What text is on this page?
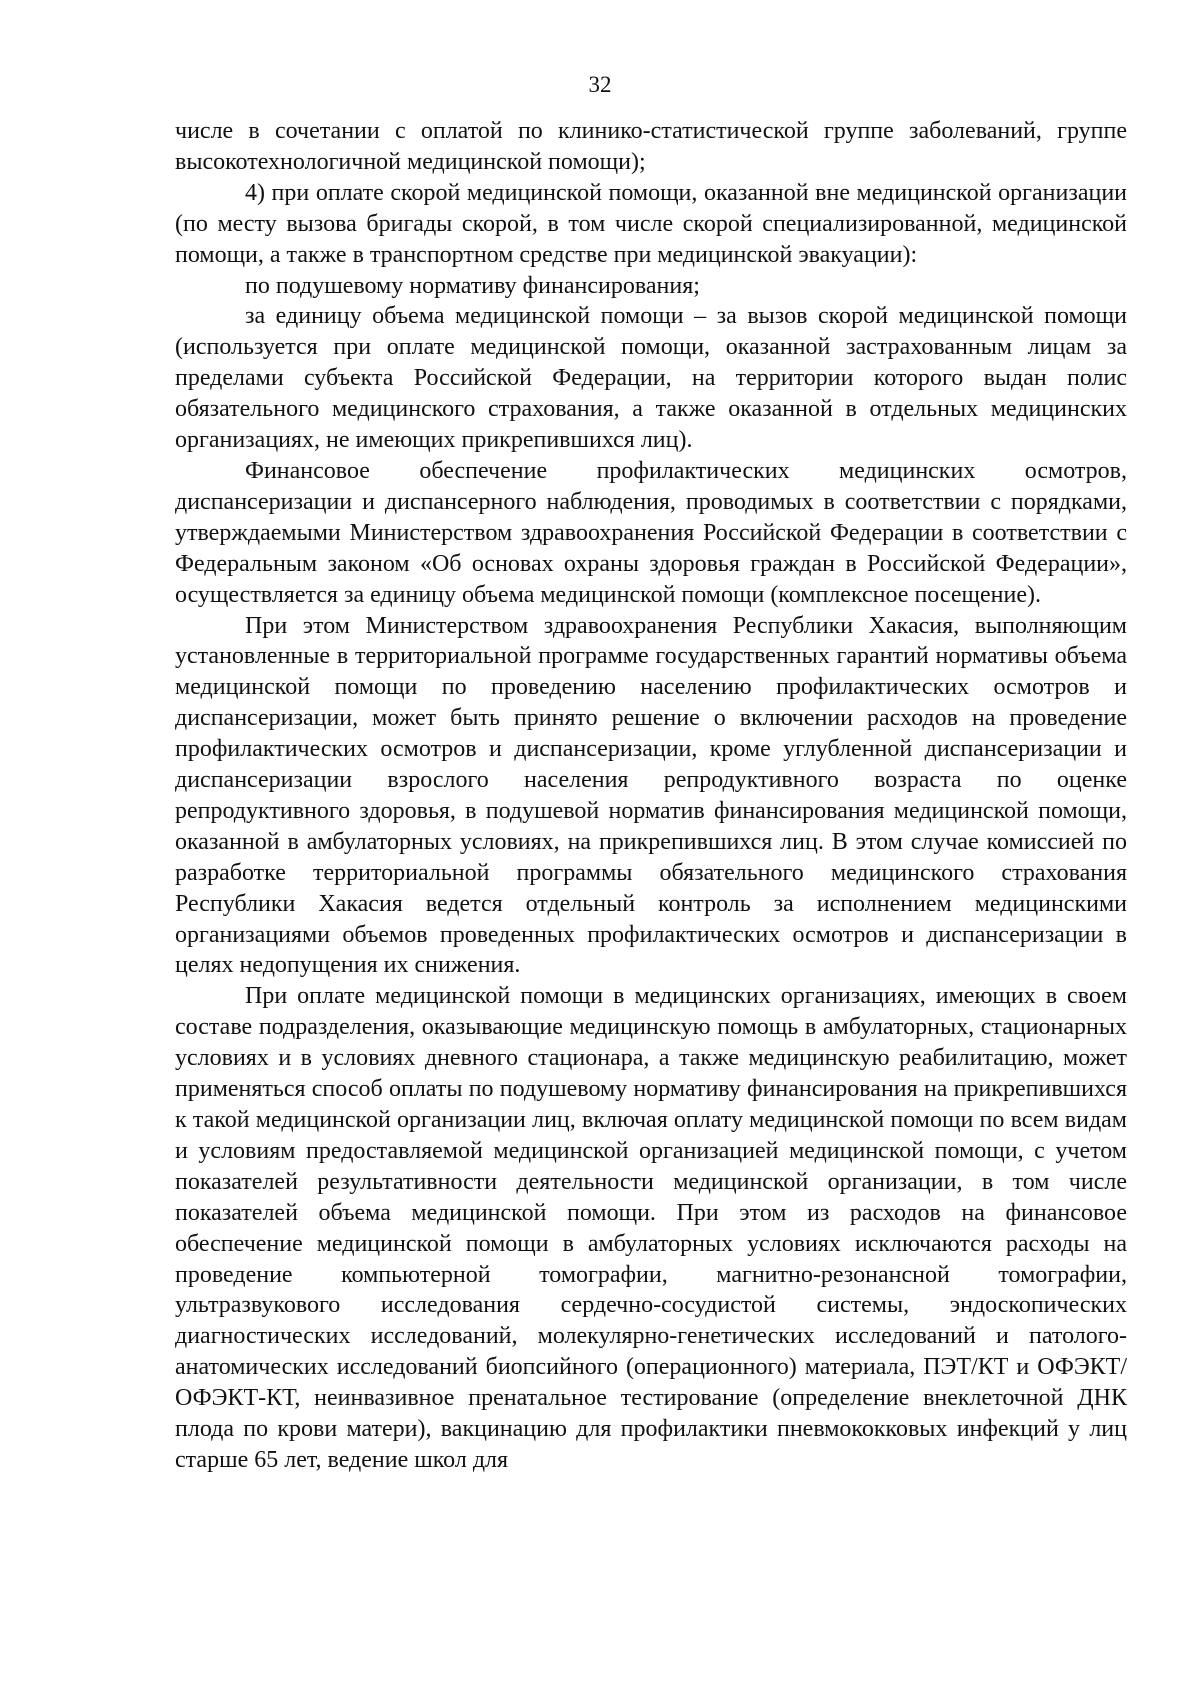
32

числе в сочетании с оплатой по клинико-статистической группе заболеваний, группе высокотехнологичной медицинской помощи);

4) при оплате скорой медицинской помощи, оказанной вне медицинской организации (по месту вызова бригады скорой, в том числе скорой специализированной, медицинской помощи, а также в транспортном средстве при медицинской эвакуации):

по подушевому нормативу финансирования;

за единицу объема медицинской помощи – за вызов скорой медицинской помощи (используется при оплате медицинской помощи, оказанной застрахованным лицам за пределами субъекта Российской Федерации, на территории которого выдан полис обязательного медицинского страхования, а также оказанной в отдельных медицинских организациях, не имеющих прикрепившихся лиц).

Финансовое обеспечение профилактических медицинских осмотров, диспансеризации и диспансерного наблюдения, проводимых в соответствии с порядками, утверждаемыми Министерством здравоохранения Российской Федерации в соответствии с Федеральным законом «Об основах охраны здоровья граждан в Российской Федерации», осуществляется за единицу объема медицинской помощи (комплексное посещение).

При этом Министерством здравоохранения Республики Хакасия, выполняющим установленные в территориальной программе государственных гарантий нормативы объема медицинской помощи по проведению населению профилактических осмотров и диспансеризации, может быть принято решение о включении расходов на проведение профилактических осмотров и диспансеризации, кроме углубленной диспансеризации и диспансеризации взрослого населения репродуктивного возраста по оценке репродуктивного здоровья, в подушевой норматив финансирования медицинской помощи, оказанной в амбулаторных условиях, на прикрепившихся лиц. В этом случае комиссией по разработке территориальной программы обязательного медицинского страхования Республики Хакасия ведется отдельный контроль за исполнением медицинскими организациями объемов проведенных профилактических осмотров и диспансеризации в целях недопущения их снижения.

При оплате медицинской помощи в медицинских организациях, имеющих в своем составе подразделения, оказывающие медицинскую помощь в амбулаторных, стационарных условиях и в условиях дневного стационара, а также медицинскую реабилитацию, может применяться способ оплаты по подушевому нормативу финансирования на прикрепившихся к такой медицинской организации лиц, включая оплату медицинской помощи по всем видам и условиям предоставляемой медицинской организацией медицинской помощи, с учетом показателей результативности деятельности медицинской организации, в том числе показателей объема медицинской помощи. При этом из расходов на финансовое обеспечение медицинской помощи в амбулаторных условиях исключаются расходы на проведение компьютерной томографии, магнитно-резонансной томографии, ультразвукового исследования сердечно-сосудистой системы, эндоскопических диагностических исследований, молекулярно-генетических исследований и патолого-анатомических исследований биопсийного (операционного) материала, ПЭТ/КТ и ОФЭКТ/ОФЭКТ-КТ, неинвазивное пренатальное тестирование (определение внеклеточной ДНК плода по крови матери), вакцинацию для профилактики пневмококковых инфекций у лиц старше 65 лет, ведение школ для
